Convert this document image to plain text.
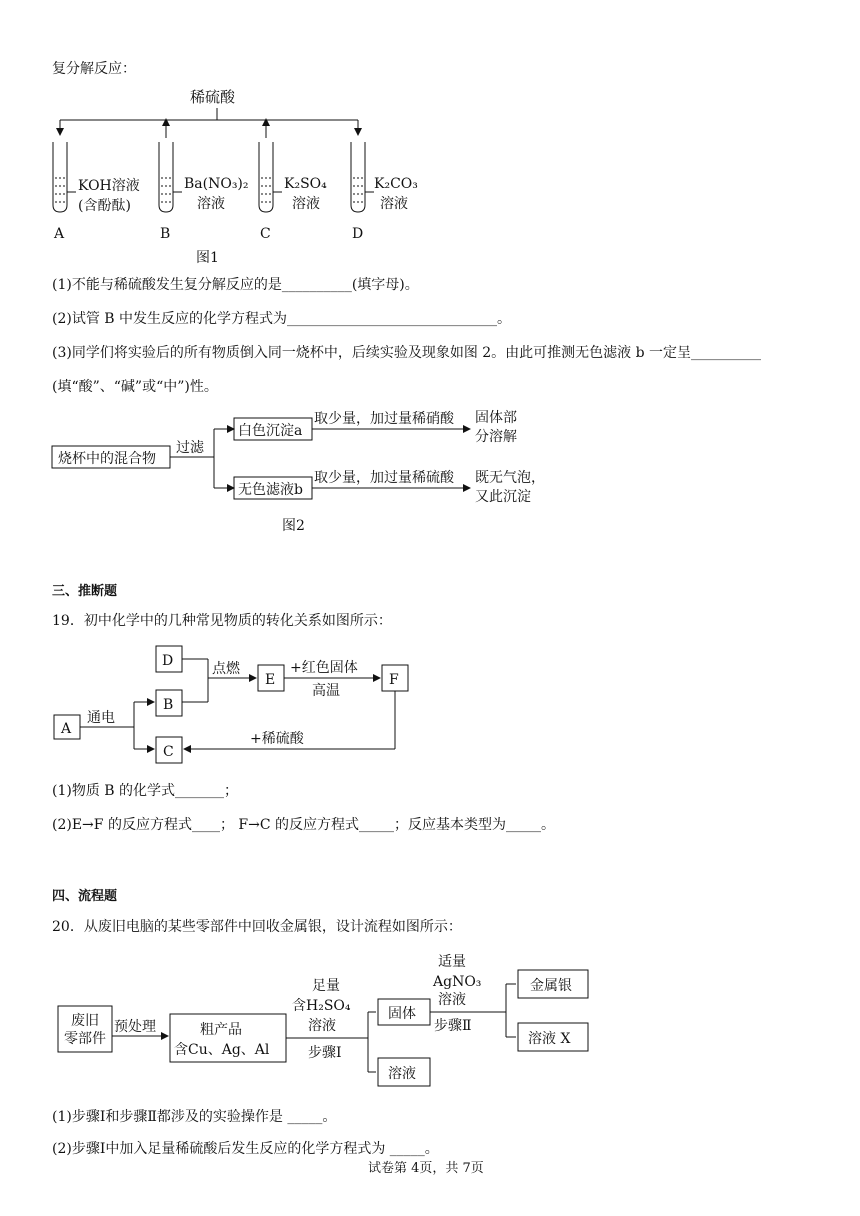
复分解反应：
稀硫酸
KOH溶液
(含酚酞)
Ba(NO₃)₂
溶液
K₂SO₄
溶液
K₂CO₃
溶液
A	B	C	D
图1
(1)不能与稀硫酸发生复分解反应的是__________(填字母)。
(2)试管 B 中发生反应的化学方程式为______________________________。
(3)同学们将实验后的所有物质倒入同一烧杯中，后续实验及现象如图 2。由此可推测无色滤液 b 一定呈__________
(填“酸”、“碱”或“中”)性。
烧杯中的混合物
过滤
白色沉淀a
无色滤液b
取少量，加过量稀硝酸
取少量，加过量稀硫酸
固体部
分溶解
既无气泡，
又此沉淀
图2
三、推断题
19．初中化学中的几种常见物质的转化关系如图所示：
A
通电
D
B
C
点燃
E
+红色固体
高温
F
+稀硫酸
(1)物质 B 的化学式_______；
(2)E→F 的反应方程式____； F→C 的反应方程式_____；反应基本类型为_____。
四、流程题
20．从废旧电脑的某些零部件中回收金属银，设计流程如图所示：
废旧
零部件
预处理	粗产品
含Cu、Ag、Al
足量
含H₂SO₄
溶液
步骤Ⅰ
固体
溶液
适量
AgNO₃
溶液
步骤Ⅱ
金属银
溶液 X
(1)步骤Ⅰ和步骤Ⅱ都涉及的实验操作是 _____。
(2)步骤Ⅰ中加入足量稀硫酸后发生反应的化学方程式为 _____。
试卷第 4页，共 7页
